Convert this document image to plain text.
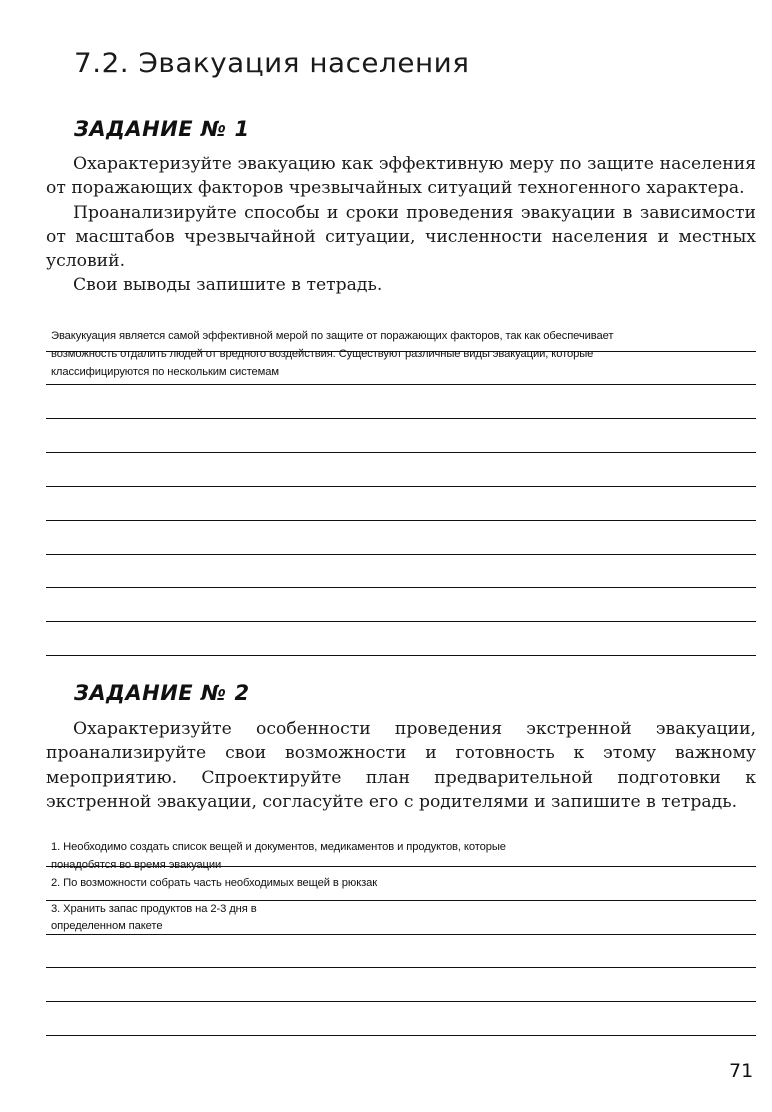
7.2. Эвакуация населения
ЗАДАНИЕ № 1

Охарактеризуйте эвакуацию как эффективную меру по защите населения от поражающих факторов чрезвычайных ситуаций техногенного характера.

Проанализируйте способы и сроки проведения эвакуации в зависимости от масштабов чрезвычайной ситуации, численности населения и местных условий.

Свои выводы запишите в тетрадь.

Эвакукуация является самой эффективной мерой по защите от поражающих факторов, так как обеспечивает
возможность отдалить людей от вредного воздействия. Существуют различные виды эвакуации, которые
классифицируются по нескольким системам
ЗАДАНИЕ № 2

Охарактеризуйте особенности проведения экстренной эвакуации, проанализируйте свои возможности и готовность к этому важному мероприятию. Спроектируйте план предварительной подготовки к экстренной эвакуации, согласуйте его с родителями и запишите в тетрадь.

1. Необходимо создать список вещей и документов, медикаментов и продуктов, которые
понадобятся во время эвакуации
2. По возможности собрать часть необходимых вещей в рюкзак
3. Хранить запас продуктов на 2-3 дня в
определенном пакете
71
